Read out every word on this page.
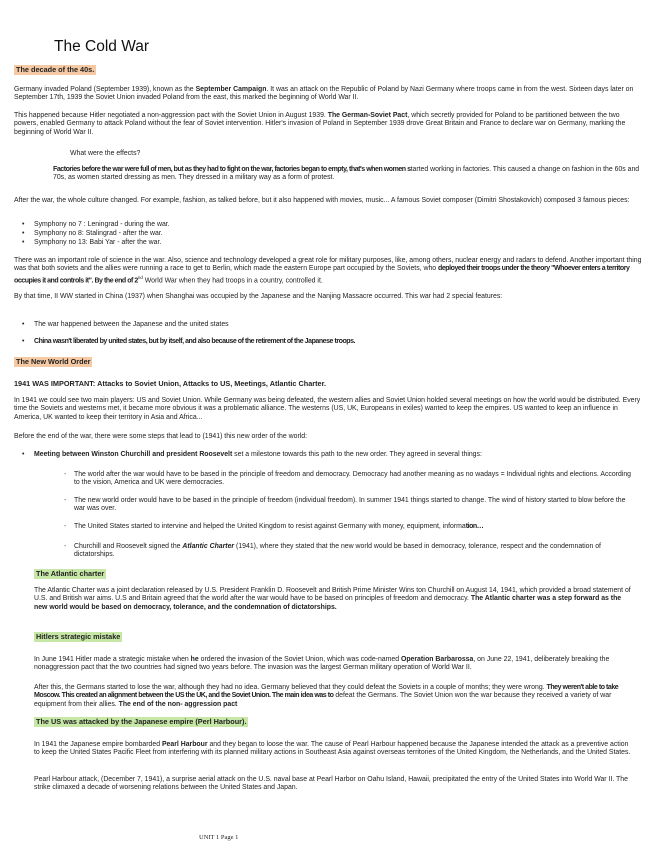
The Cold War
The decade of the 40s.

Germany invaded Poland (September 1939), known as the September Campaign. It was an attack on the Republic of Poland by Nazi Germany where troops came in from the west. Sixteen days later on September 17th, 1939 the Soviet Union invaded Poland from the east, this marked the beginning of World War II.

This happened because Hitler negotiated a non-aggression pact with the Soviet Union in August 1939. The German-Soviet Pact, which secretly provided for Poland to be partitioned between the two powers, enabled Germany to attack Poland without the fear of Soviet intervention. Hitler's invasion of Poland in September 1939 drove Great Britain and France to declare war on Germany, marking the beginning of World War II.

What were the effects?

Factories before the war were full of men, but as they had to fight on the war, factories began to empty, that's when women started working in factories. This caused a change on fashion in the 60s and 70s, as women started dressing as men. They dressed in a military way as a form of protest.

After the war, the whole culture changed. For example, fashion, as talked before, but it also happened with movies, music... A famous Soviet composer (Dimitri Shostakovich) composed 3 famous pieces:

• Symphony no 7 : Leningrad - during the war.

• Symphony no 8: Stalingrad - after the war.

• Symphony no 13: Babi Yar - after the war.

There was an important role of science in the war. Also, science and technology developed a great role for military purposes, like, among others, nuclear energy and radars to defend. Another important thing was that both soviets and the allies were running a race to get to Berlin, which made the eastern Europe part occupied by the Soviets, who deployed their troops under the theory "Whoever enters a territory occupies it and controls it". By the end of 2nd World War when they had troops in a country, controlled it.

By that time, II WW started in China (1937) when Shanghai was occupied by the Japanese and the Nanjing Massacre occurred. This war had 2 special features:

• The war happened between the Japanese and the united states

• China wasn't liberated by united states, but by itself, and also because of the retirement of the Japanese troops.

The New World Order
1941 WAS IMPORTANT: Attacks to Soviet Union, Attacks to US, Meetings, Atlantic Charter.

In 1941 we could see two main players: US and Soviet Union. While Germany was being defeated, the western allies and Soviet Union holded several meetings on how the world would be distributed. Every time the Soviets and westerns met, it became more obvious it was a problematic alliance. The westerns (US, UK, Europeans in exiles) wanted to keep the empires. US wanted to keep an influence in America, UK wanted to keep their territory in Asia and Africa...

Before the end of the war, there were some steps that lead to (1941) this new order of the world:

• Meeting between Winston Churchill and president Roosevelt set a milestone towards this path to the new order. They agreed in several things:

- The world after the war would have to be based in the principle of freedom and democracy. Democracy had another meaning as no wadays = Individual rights and elections. According to the vision, America and UK were democracies.

- The new world order would have to be based in the principle of freedom (individual freedom). In summer 1941 things started to change. The wind of history started to blow before the war was over.

- The United States started to intervine and helped the United Kingdom to resist against Germany with money, equipment, information…

- Churchill and Roosevelt signed the Atlantic Charter (1941), where they stated that the new world would be based in democracy, tolerance, respect and the condemnation of dictatorships.

The Atlantic charter

The Atlantic Charter was a joint declaration released by U.S. President Franklin D. Roosevelt and British Prime Minister Wins ton Churchill on August 14, 1941, which provided a broad statement of U.S. and British war aims. U.S and Britain agreed that the world after the war would have to be based on principles of freedom and democracy. The Atlantic charter was a step forward as the new world would be based on democracy, tolerance, and the condemnation of dictatorships.

Hitlers strategic mistake

In June 1941 Hitler made a strategic mistake when he ordered the invasion of the Soviet Union, which was code-named Operation Barbarossa, on June 22, 1941, deliberately breaking the nonaggression pact that the two countries had signed two years before. The invasion was the largest German military operation of World War II.

After this, the Germans started to lose the war, although they had no idea. Germany believed that they could defeat the Soviets in a couple of months; they were wrong. They weren't able to take Moscow. This created an alignment between the US the UK, and the Soviet Union. The main idea was to defeat the Germans. The Soviet Union won the war because they received a variety of war equipment from their allies. The end of the non- aggression pact

The US was attacked by the Japanese empire (Perl Harbour).

In 1941 the Japanese empire bombarded Pearl Harbour and they began to loose the war. The cause of Pearl Harbour happened because the Japanese intended the attack as a preventive action to keep the United States Pacific Fleet from interfering with its planned military actions in Southeast Asia against overseas territories of the United Kingdom, the Netherlands, and the United States.

Pearl Harbour attack, (December 7, 1941), a surprise aerial attack on the U.S. naval base at Pearl Harbor on Oahu Island, Hawaii, precipitated the entry of the United States into World War II. The strike climaxed a decade of worsening relations between the United States and Japan.

UNIT 1 Page 1
